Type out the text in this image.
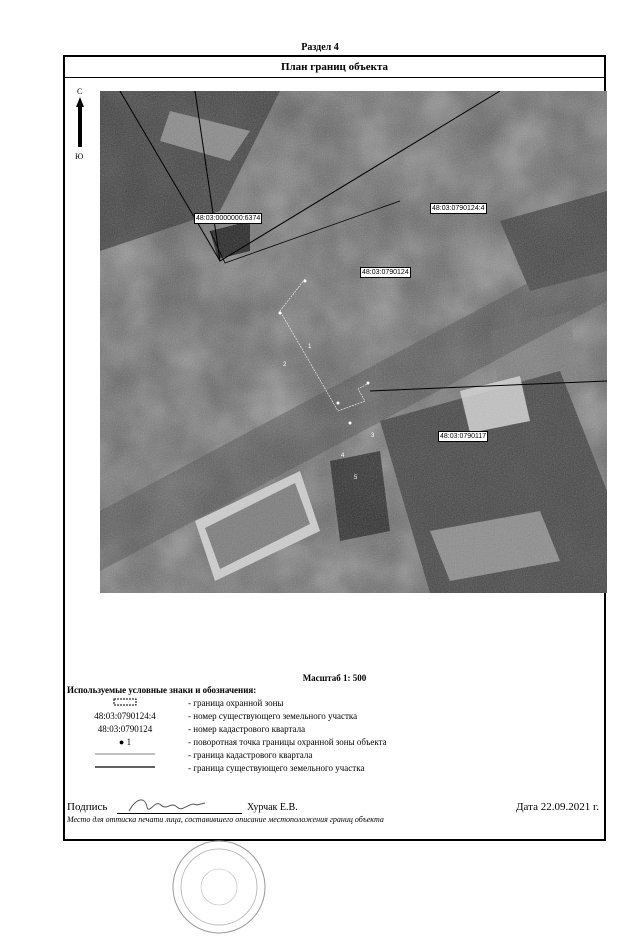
Раздел 4
План границ объекта
С
Ю
48:03:0000000:6374
48:03:0790124:4
48:03:0790124
48:03:0790117
1
2
3
4
5
Масштаб 1: 500
Используемые условные знаки и обозначения:
- граница охранной зоны
48:03:0790124:4	- номер существующего земельного участка
48:03:0790124	- номер кадастрового квартала
● 1	- поворотная точка границы охранной зоны объекта
- граница кадастрового квартала
- граница существующего земельного участка
Подпись	Хурчак Е.В.	Дата 22.09.2021 г.
Место для оттиска печати лица, составившего описание местоположения границ объекта
